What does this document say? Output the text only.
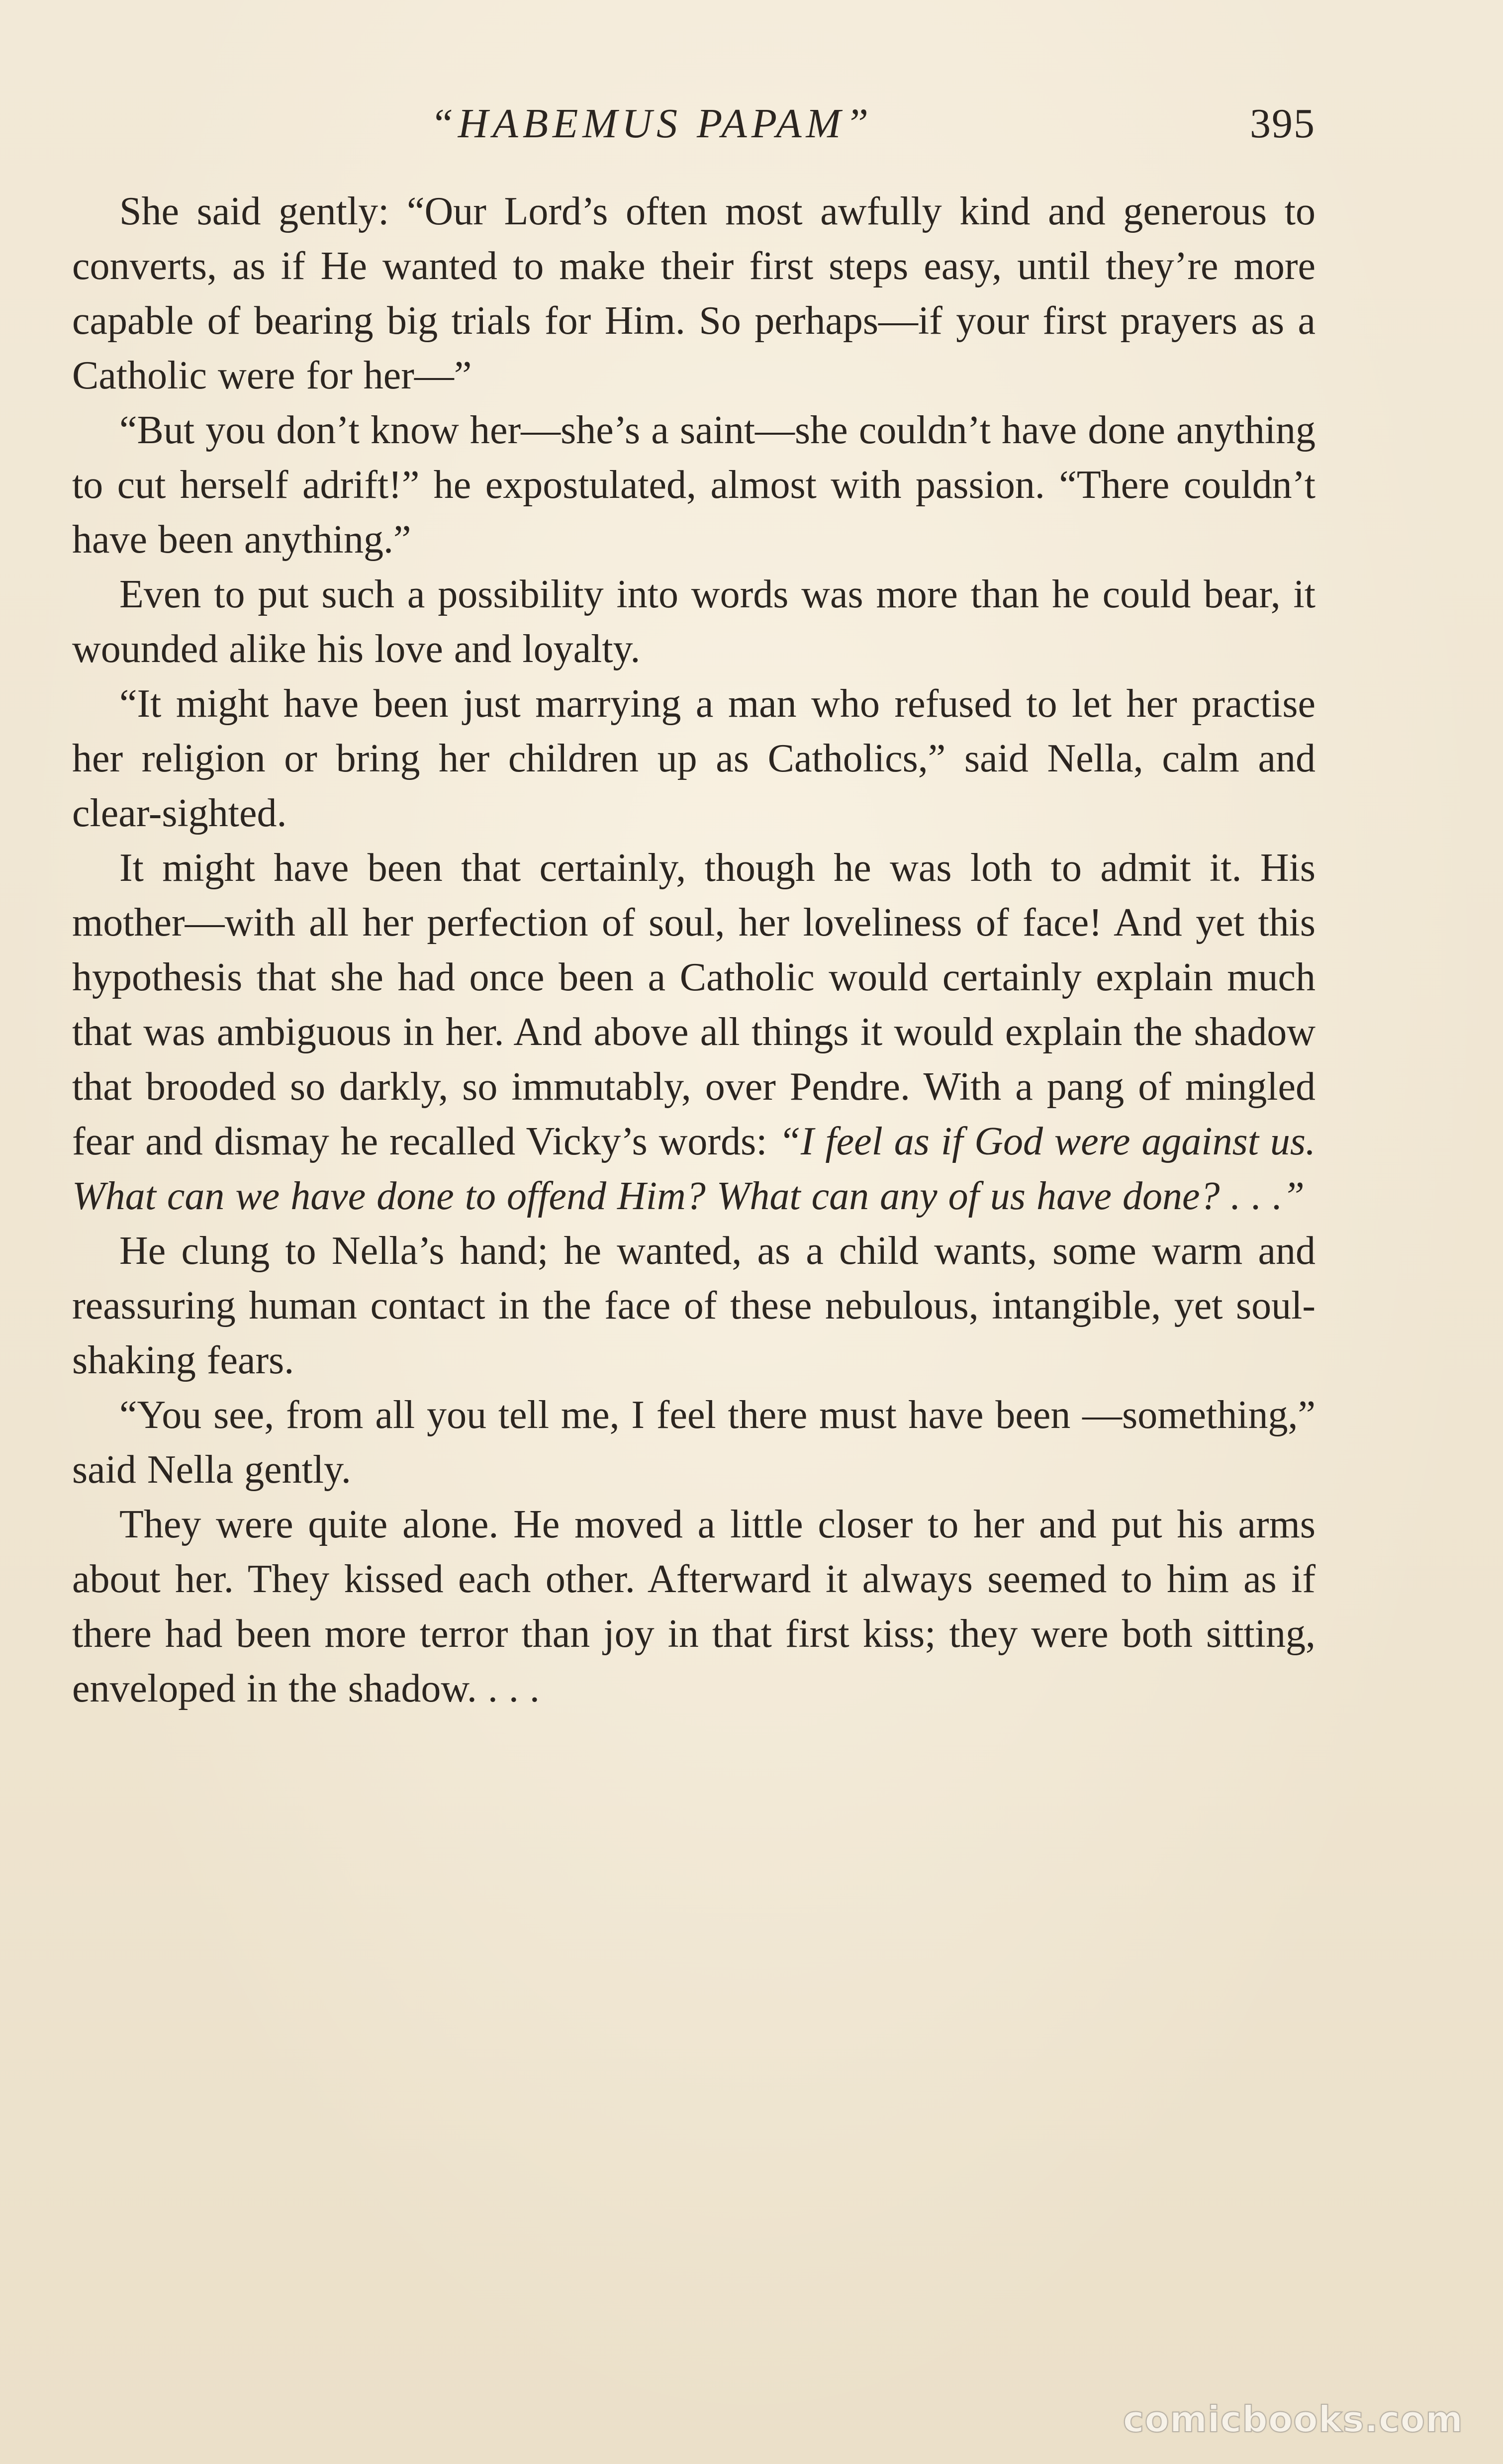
“HABEMUS PAPAM”	395

She said gently: “Our Lord’s often most awfully kind and generous to converts, as if He wanted to make their first steps easy, until they’re more capable of bearing big trials for Him. So perhaps—if your first prayers as a Catholic were for her—”

“But you don’t know her—she’s a saint—she couldn’t have done anything to cut herself adrift!” he expostulated, almost with passion. “There couldn’t have been anything.”

Even to put such a possibility into words was more than he could bear, it wounded alike his love and loyalty.

“It might have been just marrying a man who refused to let her practise her religion or bring her children up as Catholics,” said Nella, calm and clear-sighted.

It might have been that certainly, though he was loth to admit it. His mother—with all her perfection of soul, her loveliness of face! And yet this hypothesis that she had once been a Catholic would certainly explain much that was ambiguous in her. And above all things it would explain the shadow that brooded so darkly, so immutably, over Pendre. With a pang of mingled fear and dismay he recalled Vicky’s words: “I feel as if God were against us. What can we have done to offend Him? What can any of us have done? . . .”

He clung to Nella’s hand; he wanted, as a child wants, some warm and reassuring human contact in the face of these nebulous, intangible, yet soul-shaking fears.

“You see, from all you tell me, I feel there must have been —something,” said Nella gently.

They were quite alone. He moved a little closer to her and put his arms about her. They kissed each other. Afterward it always seemed to him as if there had been more terror than joy in that first kiss; they were both sitting, enveloped in the shadow. . . .

comicbooks.com
